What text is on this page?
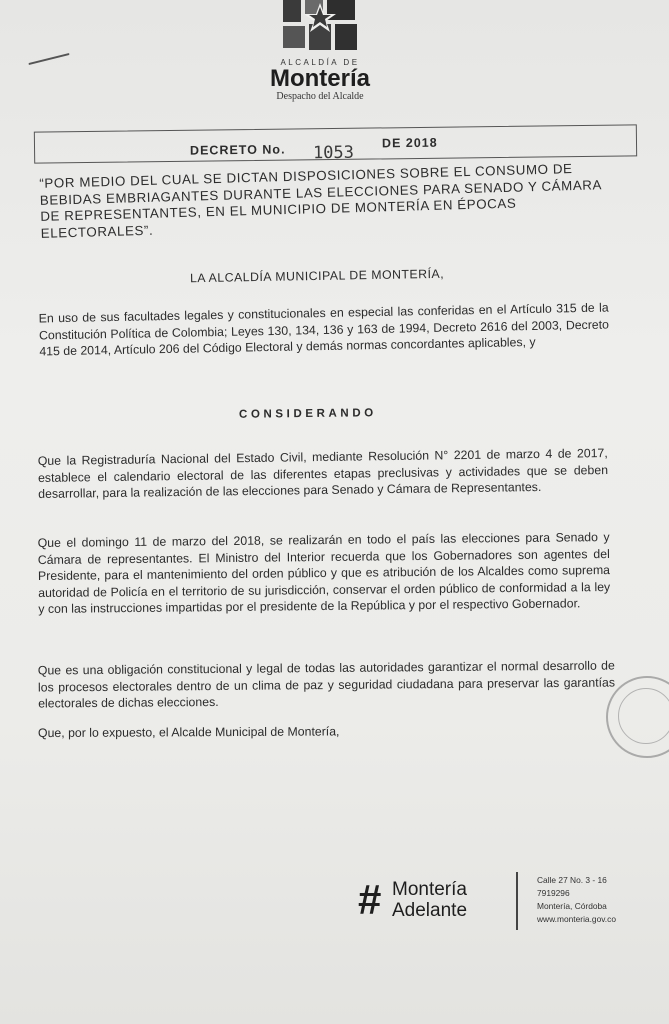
ALCALDÍA DE
Montería
Despacho del Alcalde
DECRETO No. 1053 DE 2018
“POR MEDIO DEL CUAL SE DICTAN DISPOSICIONES SOBRE EL CONSUMO DE BEBIDAS EMBRIAGANTES DURANTE LAS ELECCIONES PARA SENADO Y CÁMARA DE REPRESENTANTES, EN EL MUNICIPIO DE MONTERÍA EN ÉPOCAS ELECTORALES”.
LA ALCALDÍA MUNICIPAL DE MONTERÍA,
En uso de sus facultades legales y constitucionales en especial las conferidas en el Artículo 315 de la Constitución Política de Colombia; Leyes 130, 134, 136 y 163 de 1994, Decreto 2616 del 2003, Decreto 415 de 2014, Artículo 206 del Código Electoral y demás normas concordantes aplicables, y
CONSIDERANDO
Que la Registraduría Nacional del Estado Civil, mediante Resolución N° 2201 de marzo 4 de 2017, establece el calendario electoral de las diferentes etapas preclusivas y actividades que se deben desarrollar, para la realización de las elecciones para Senado y Cámara de Representantes.
Que el domingo 11 de marzo del 2018, se realizarán en todo el país las elecciones para Senado y Cámara de representantes. El Ministro del Interior recuerda que los Gobernadores son agentes del Presidente, para el mantenimiento del orden público y que es atribución de los Alcaldes como suprema autoridad de Policía en el territorio de su jurisdicción, conservar el orden público de conformidad a la ley y con las instrucciones impartidas por el presidente de la República y por el respectivo Gobernador.
Que es una obligación constitucional y legal de todas las autoridades garantizar el normal desarrollo de los procesos electorales dentro de un clima de paz y seguridad ciudadana para preservar las garantías electorales de dichas elecciones.
Que, por lo expuesto, el Alcalde Municipal de Montería,
# Montería
Adelante
Calle 27 No. 3 - 16
7919296
Montería, Córdoba
www.monteria.gov.co
